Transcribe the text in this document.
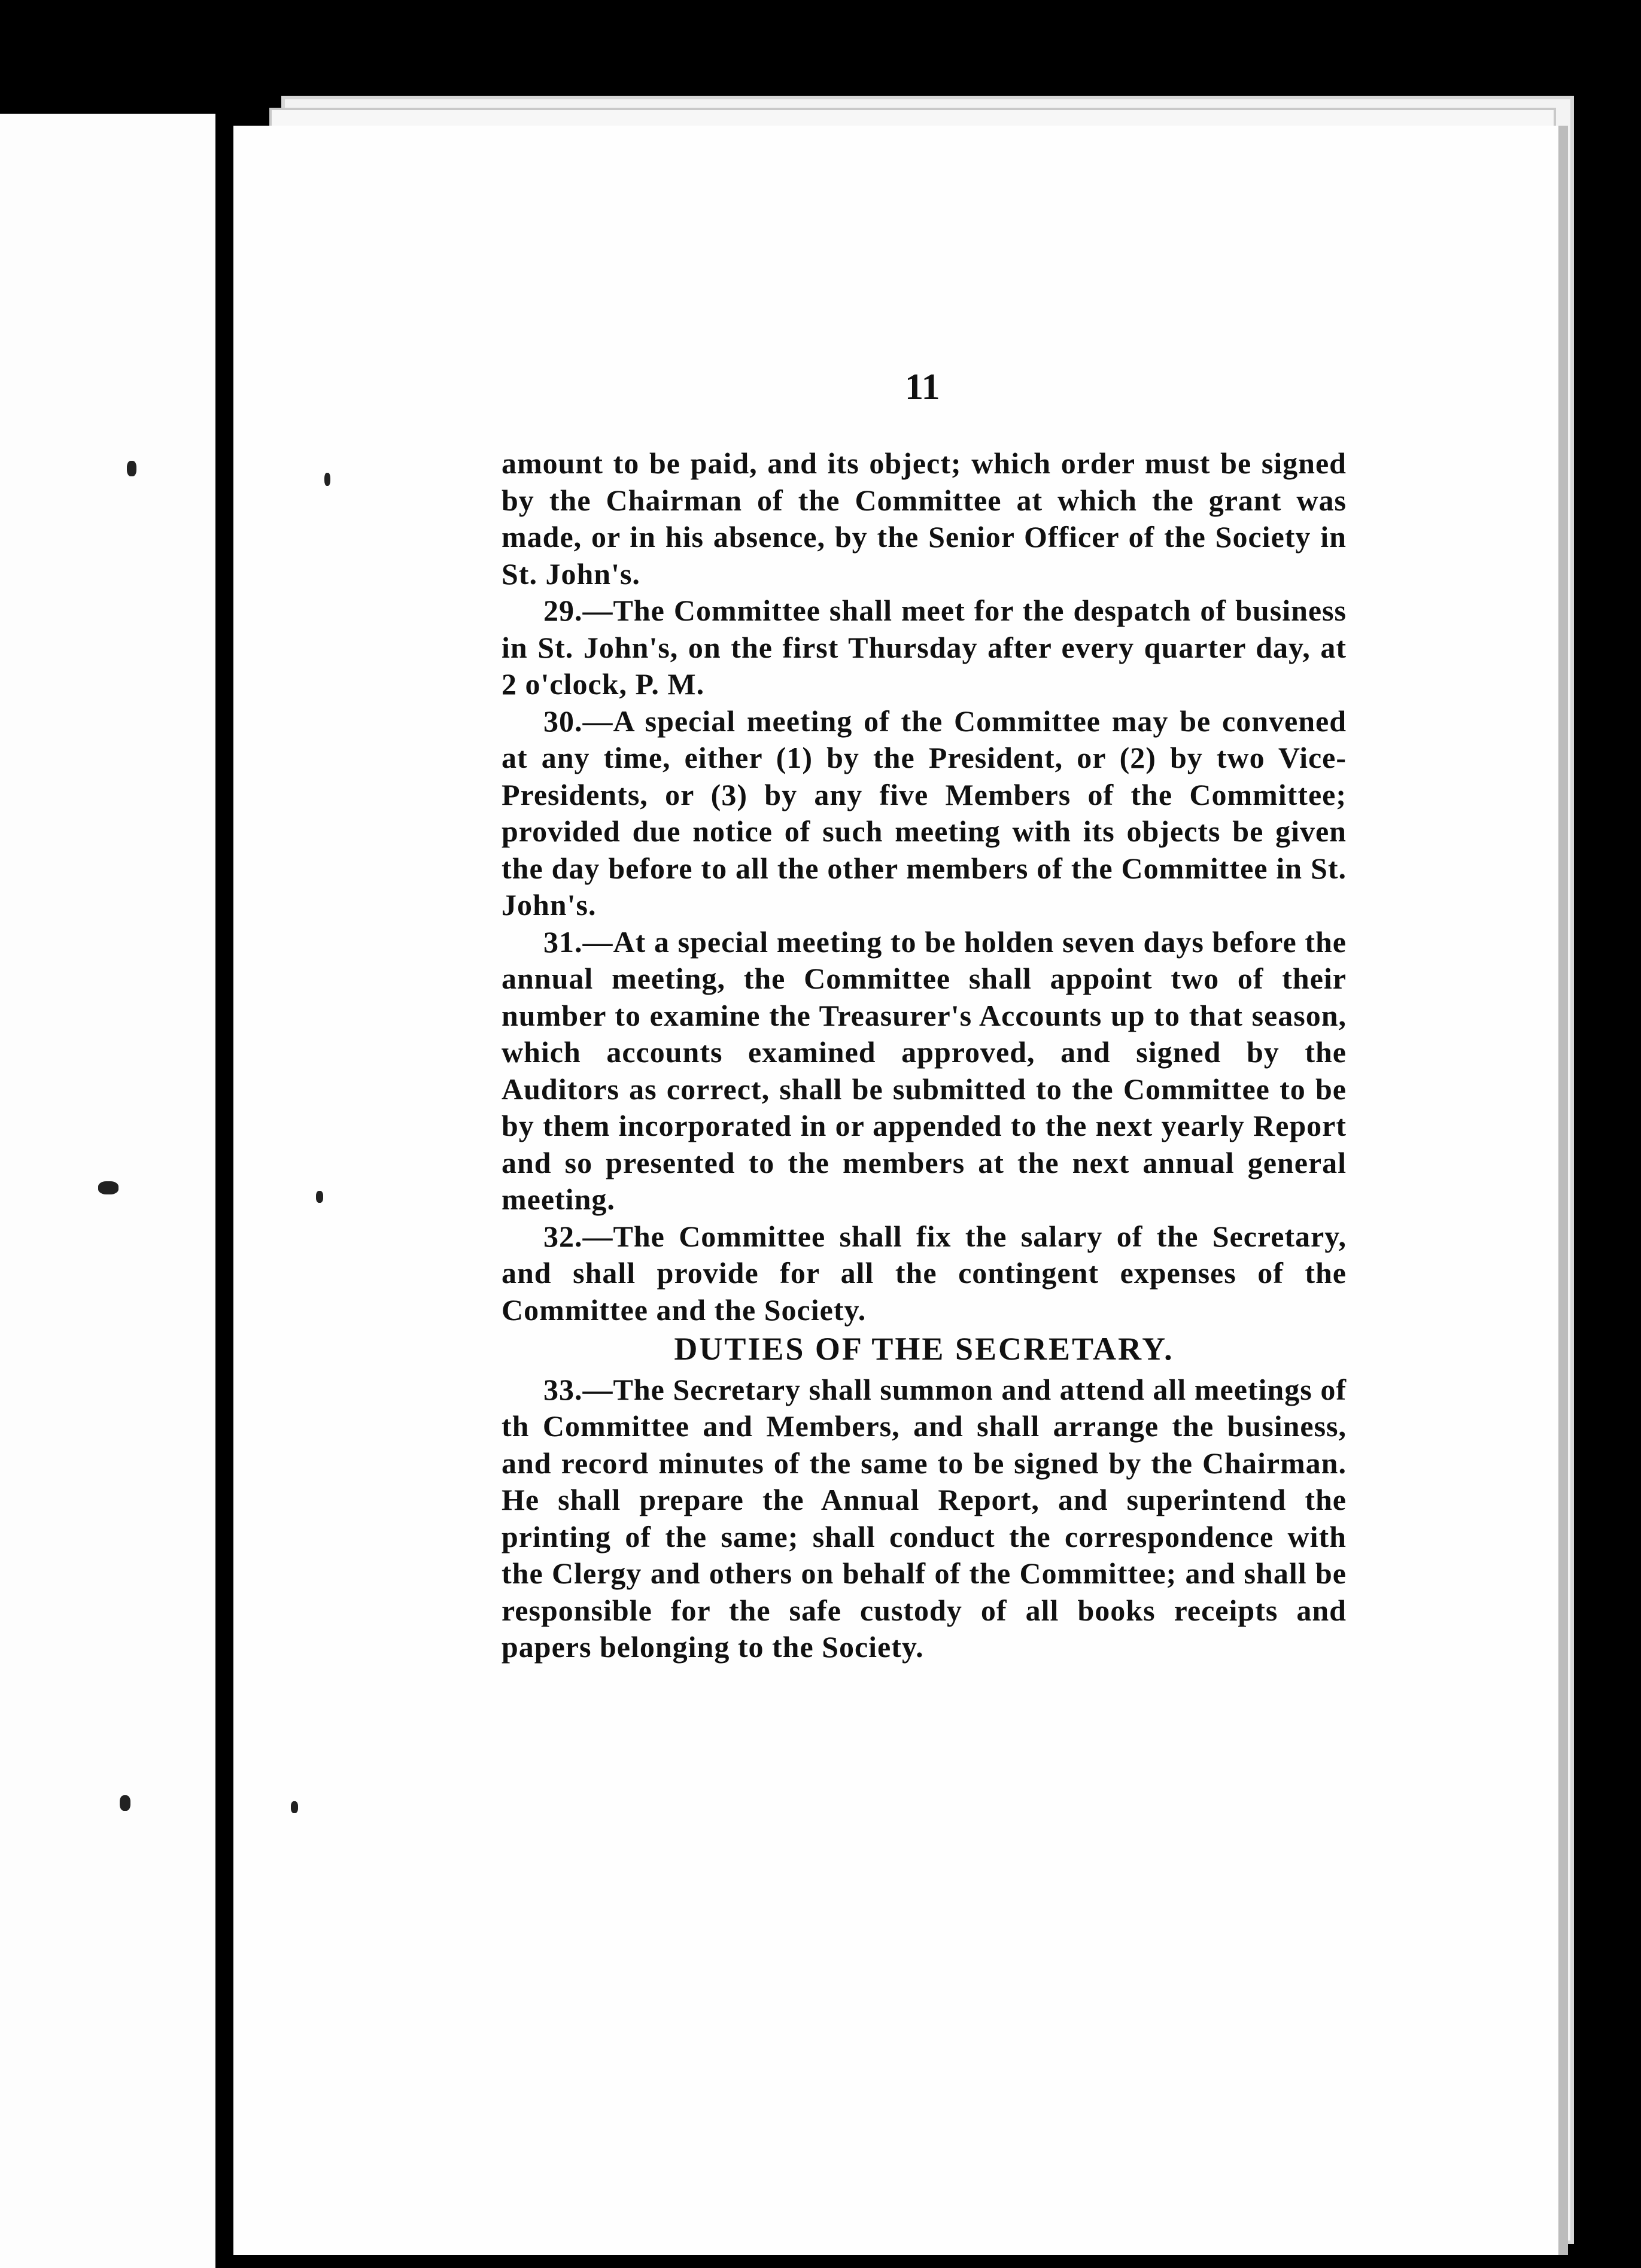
11

amount to be paid, and its object; which order must be signed by the Chairman of the Committee at which the grant was made, or in his absence, by the Senior Officer of the Society in St. John's.

29.—The Committee shall meet for the despatch of business in St. John's, on the first Thursday after every quarter day, at 2 o'clock, P. M.

30.—A special meeting of the Committee may be convened at any time, either (1) by the President, or (2) by two Vice-Presidents, or (3) by any five Members of the Committee; provided due notice of such meeting with its objects be given the day before to all the other members of the Committee in St. John's.

31.—At a special meeting to be holden seven days before the annual meeting, the Committee shall appoint two of their number to examine the Treasurer's Accounts up to that season, which accounts examined approved, and signed by the Auditors as correct, shall be submitted to the Committee to be by them incorporated in or appended to the next yearly Report and so presented to the members at the next annual general meeting.

32.—The Committee shall fix the salary of the Secretary, and shall provide for all the contingent expenses of the Committee and the Society.

DUTIES OF THE SECRETARY.

33.—The Secretary shall summon and attend all meetings of th Committee and Members, and shall arrange the business, and record minutes of the same to be signed by the Chairman. He shall prepare the Annual Report, and superintend the printing of the same; shall conduct the correspondence with the Clergy and others on behalf of the Committee; and shall be responsible for the safe custody of all books receipts and papers belonging to the Society.
